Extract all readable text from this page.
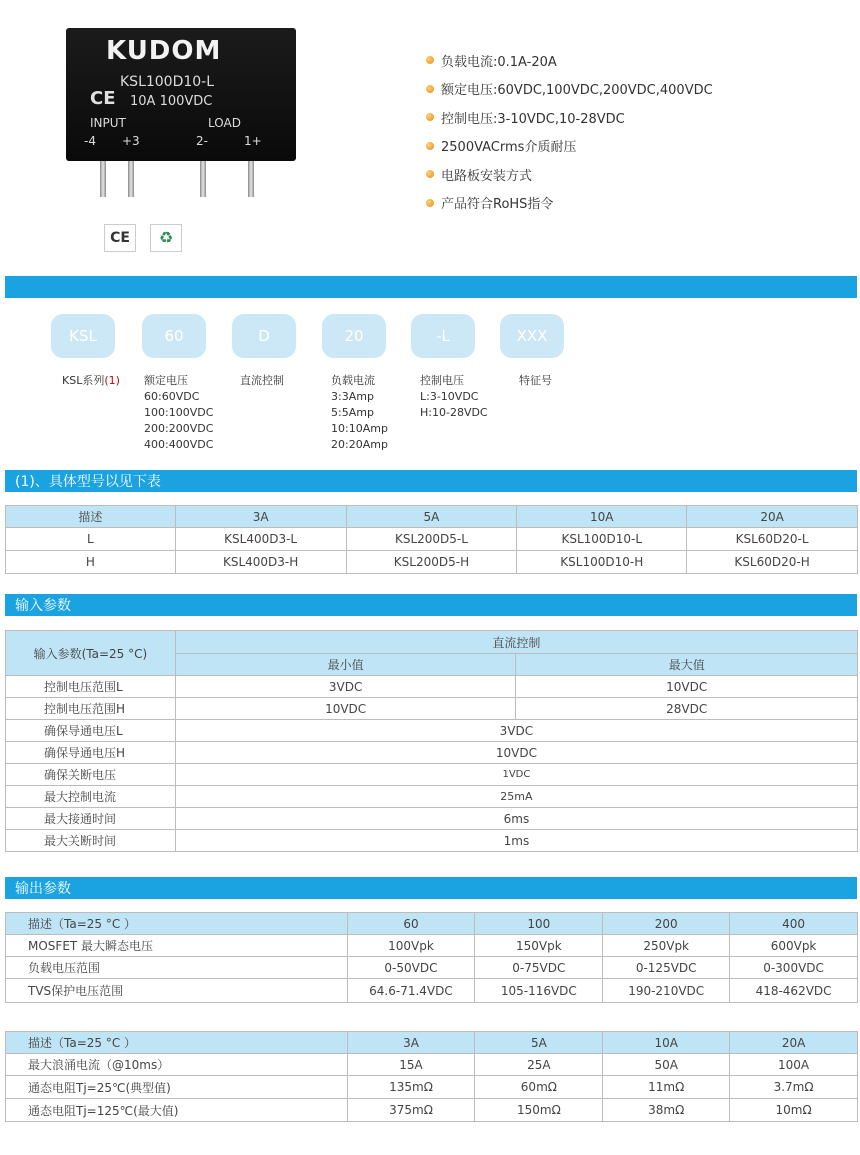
KUDOM
KSL100D10-L
CE 10A 100VDC
INPUT	LOAD
-4 +3	2-	1+
CE	♻
负载电流:0.1A-20A
额定电压:60VDC,100VDC,200VDC,400VDC
控制电压:3-10VDC,10-28VDC
2500VACrms介质耐压
电路板安装方式
产品符合RoHS指令
KSL	60	D	20	-L	XXX
KSL系列(1) 额定电压
60:60VDC
100:100VDC
200:200VDC
400:400VDC
直流控制	负载电流
3:3Amp
5:5Amp
10:10Amp
20:20Amp
控制电压
L:3-10VDC
H:10-28VDC
特征号
(1)、具体型号以见下表
描述	3A	5A	10A	20A
L	KSL400D3-L	KSL200D5-L	KSL100D10-L	KSL60D20-L
H	KSL400D3-H	KSL200D5-H	KSL100D10-H	KSL60D20-H
输入参数
输入参数(Ta=25 °C)	直流控制	
	最小值	最大值
控制电压范围L	3VDC	10VDC
控制电压范围H	10VDC	28VDC
确保导通电压L	3VDC	
确保导通电压H	10VDC	
确保关断电压	1VDC	
最大控制电流	25mA	
最大接通时间	6ms	
最大关断时间	1ms	
输出参数
描述（Ta=25 °C ）	60	100	200	400
MOSFET 最大瞬态电压	100Vpk	150Vpk	250Vpk	600Vpk
负载电压范围	0-50VDC	0-75VDC	0-125VDC	0-300VDC
TVS保护电压范围	64.6-71.4VDC	105-116VDC	190-210VDC	418-462VDC
描述（Ta=25 °C ）	3A	5A	10A	20A
最大浪涌电流（@10ms）	15A	25A	50A	100A
通态电阻Tj=25℃(典型值)	135mΩ	60mΩ	11mΩ	3.7mΩ
通态电阻Tj=125℃(最大值)	375mΩ	150mΩ	38mΩ	10mΩ
